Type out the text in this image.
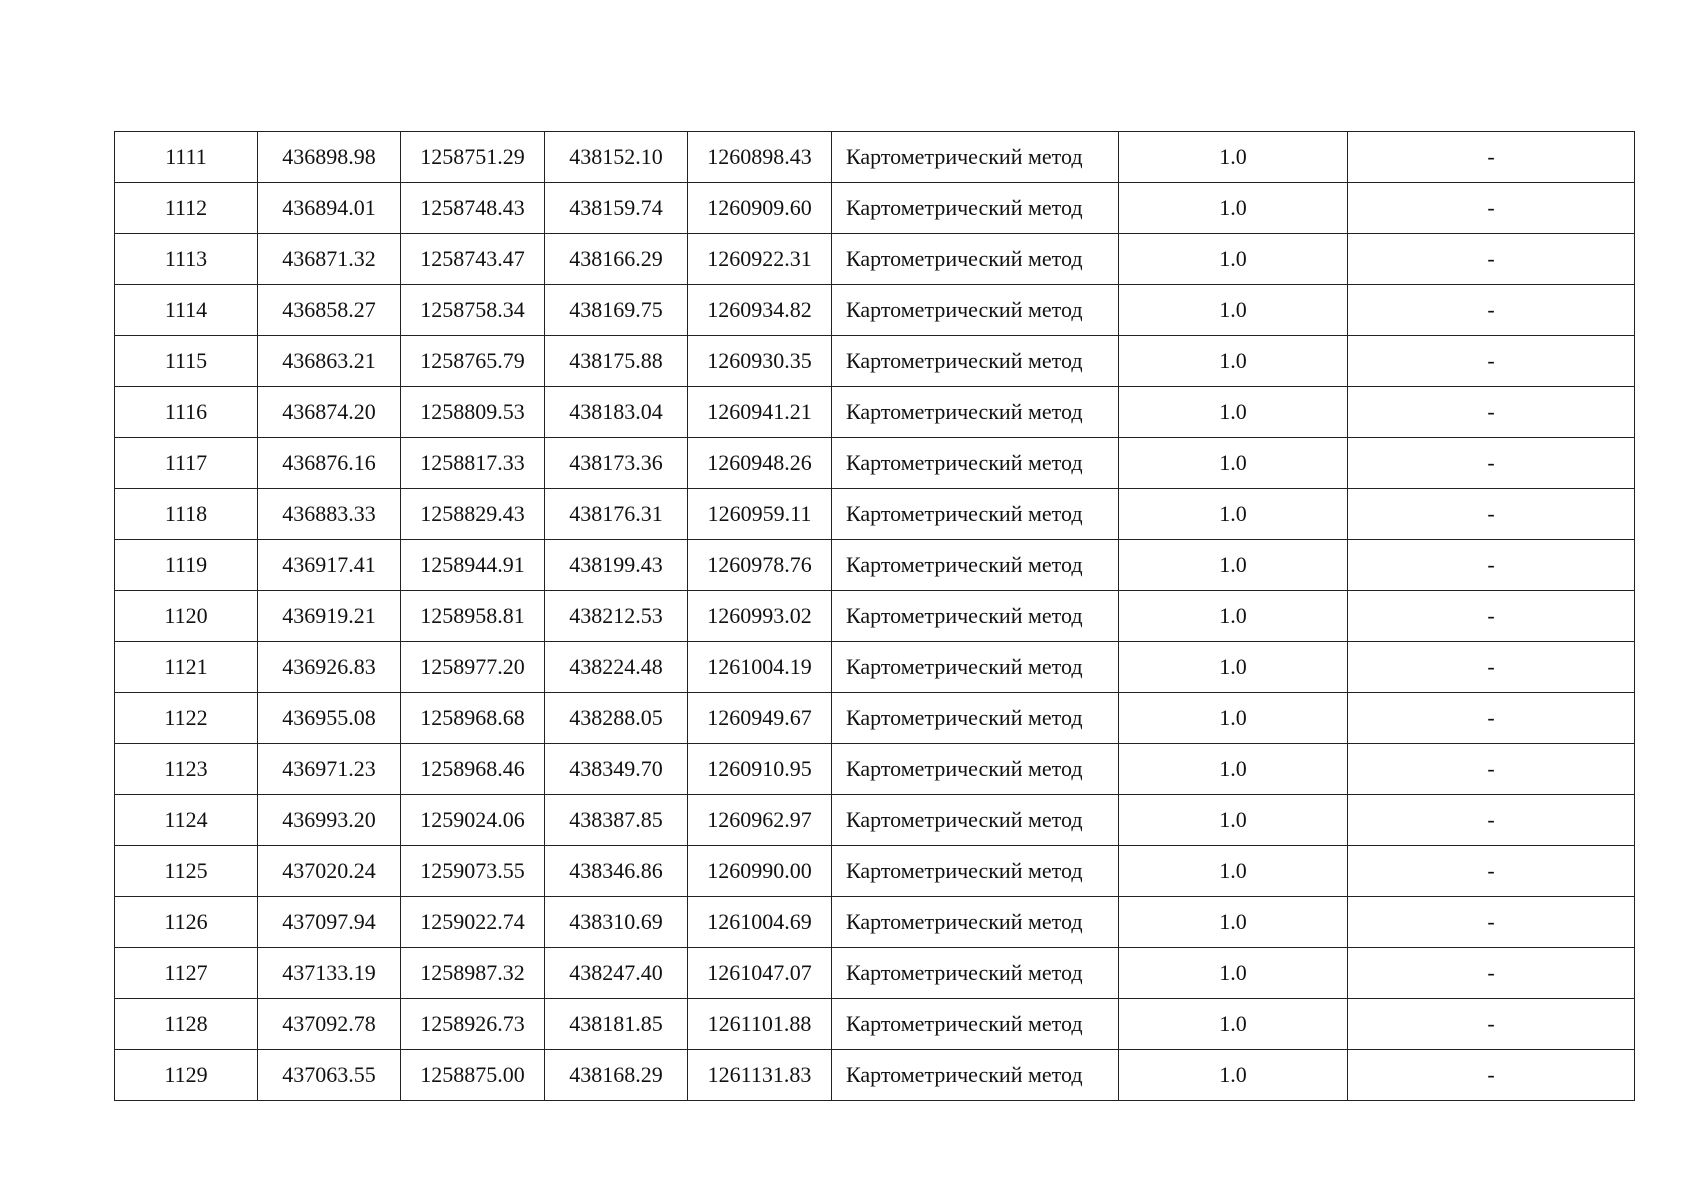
1111	436898.98	1258751.29	438152.10	1260898.43	Картометрический метод	1.0	-
1112	436894.01	1258748.43	438159.74	1260909.60	Картометрический метод	1.0	-
1113	436871.32	1258743.47	438166.29	1260922.31	Картометрический метод	1.0	-
1114	436858.27	1258758.34	438169.75	1260934.82	Картометрический метод	1.0	-
1115	436863.21	1258765.79	438175.88	1260930.35	Картометрический метод	1.0	-
1116	436874.20	1258809.53	438183.04	1260941.21	Картометрический метод	1.0	-
1117	436876.16	1258817.33	438173.36	1260948.26	Картометрический метод	1.0	-
1118	436883.33	1258829.43	438176.31	1260959.11	Картометрический метод	1.0	-
1119	436917.41	1258944.91	438199.43	1260978.76	Картометрический метод	1.0	-
1120	436919.21	1258958.81	438212.53	1260993.02	Картометрический метод	1.0	-
1121	436926.83	1258977.20	438224.48	1261004.19	Картометрический метод	1.0	-
1122	436955.08	1258968.68	438288.05	1260949.67	Картометрический метод	1.0	-
1123	436971.23	1258968.46	438349.70	1260910.95	Картометрический метод	1.0	-
1124	436993.20	1259024.06	438387.85	1260962.97	Картометрический метод	1.0	-
1125	437020.24	1259073.55	438346.86	1260990.00	Картометрический метод	1.0	-
1126	437097.94	1259022.74	438310.69	1261004.69	Картометрический метод	1.0	-
1127	437133.19	1258987.32	438247.40	1261047.07	Картометрический метод	1.0	-
1128	437092.78	1258926.73	438181.85	1261101.88	Картометрический метод	1.0	-
1129	437063.55	1258875.00	438168.29	1261131.83	Картометрический метод	1.0	-
